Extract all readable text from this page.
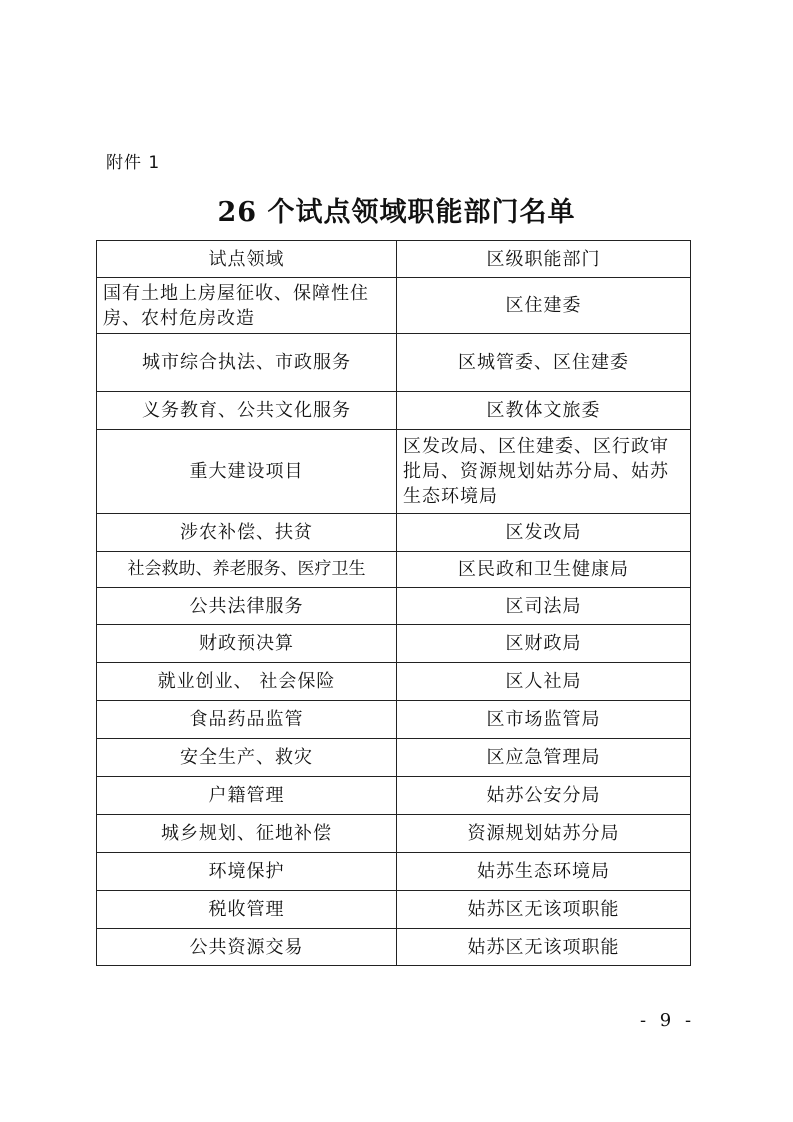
附件 1
26 个试点领域职能部门名单
试点领域	区级职能部门
国有土地上房屋征收、保障性住房、农村危房改造	区住建委
城市综合执法、市政服务	区城管委、区住建委
义务教育、公共文化服务	区教体文旅委
重大建设项目	区发改局、区住建委、区行政审批局、资源规划姑苏分局、姑苏生态环境局
涉农补偿、扶贫	区发改局
社会救助、养老服务、医疗卫生	区民政和卫生健康局
公共法律服务	区司法局
财政预决算	区财政局
就业创业、 社会保险	区人社局
食品药品监管	区市场监管局
安全生产、救灾	区应急管理局
户籍管理	姑苏公安分局
城乡规划、征地补偿	资源规划姑苏分局
环境保护	姑苏生态环境局
税收管理	姑苏区无该项职能
公共资源交易	姑苏区无该项职能
- 9 -
